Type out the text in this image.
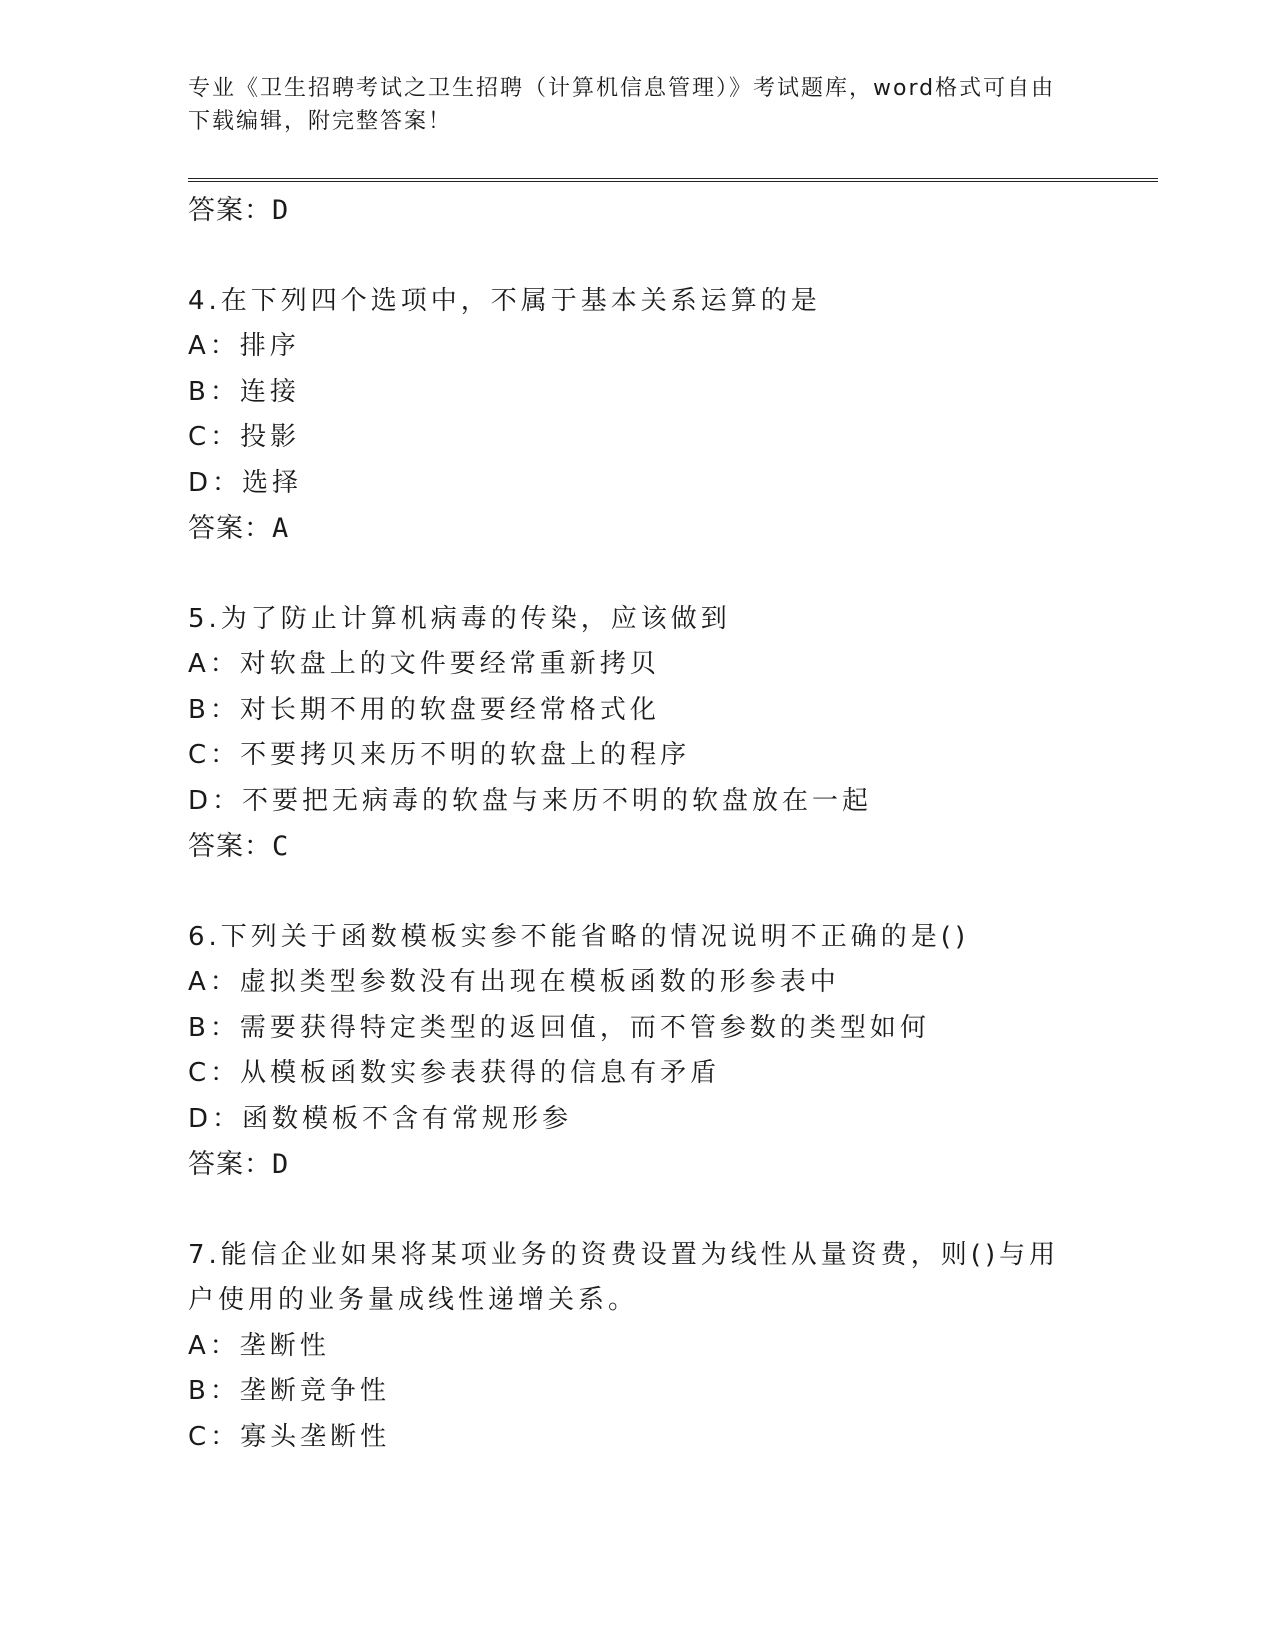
专业《卫生招聘考试之卫生招聘（计算机信息管理）》考试题库，word格式可自由下载编辑，附完整答案！
答案：D
4.在下列四个选项中，不属于基本关系运算的是
A：排序
B：连接
C：投影
D：选择
答案：A
5.为了防止计算机病毒的传染，应该做到
A：对软盘上的文件要经常重新拷贝
B：对长期不用的软盘要经常格式化
C：不要拷贝来历不明的软盘上的程序
D：不要把无病毒的软盘与来历不明的软盘放在一起
答案：C
6.下列关于函数模板实参不能省略的情况说明不正确的是()
A：虚拟类型参数没有出现在模板函数的形参表中
B：需要获得特定类型的返回值，而不管参数的类型如何
C：从模板函数实参表获得的信息有矛盾
D：函数模板不含有常规形参
答案：D
7.能信企业如果将某项业务的资费设置为线性从量资费，则()与用户使用的业务量成线性递增关系。
A：垄断性
B：垄断竞争性
C：寡头垄断性
